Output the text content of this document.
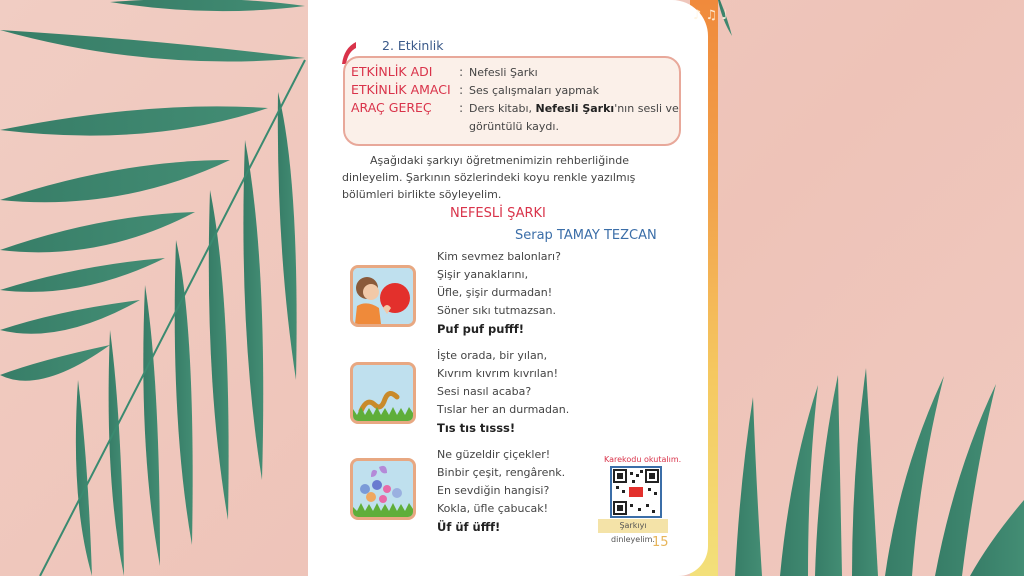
♪ ♫ ♩
2. Etkinlik
ETKİNLİK ADI : Nefesli Şarkı
ETKİNLİK AMACI : Ses çalışmaları yapmak
ARAÇ GEREÇ : Ders kitabı, Nefesli Şarkı'nın sesli ve
görüntülü kaydı.

Aşağıdaki şarkıyı öğretmenimizin rehberliğinde dinleyelim. Şarkının sözlerindeki koyu renkle yazılmış bölümleri birlikte söyleyelim.

NEFESLİ ŞARKI
Serap TAMAY TEZCAN
Kim sevmez balonları?
Şişir yanaklarını,
Üfle, şişir durmadan!
Söner sıkı tutmazsan.
Puf puf pufff!
İşte orada, bir yılan,
Kıvrım kıvrım kıvrılan!
Sesi nasıl acaba?
Tıslar her an durmadan.
Tıs tıs tısss!
Ne güzeldir çiçekler!
Binbir çeşit, rengârenk.
En sevdiğin hangisi?
Kokla, üfle çabucak!
Üf üf üfff!
Karekodu okutalım.
Şarkıyı dinleyelim.
15
